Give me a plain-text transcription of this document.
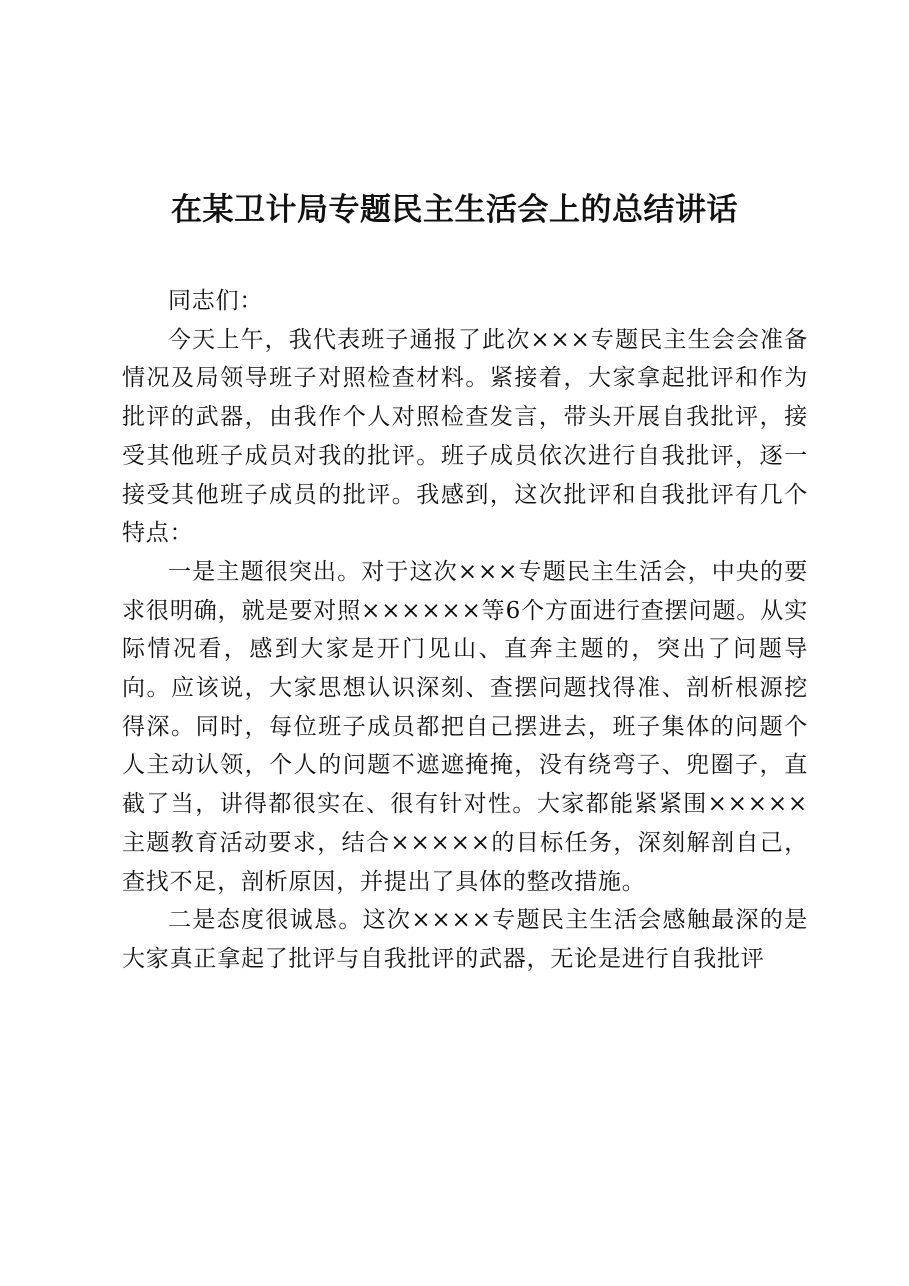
在某卫计局专题民主生活会上的总结讲话

同志们：

今天上午，我代表班子通报了此次×××专题民主生会会准备情况及局领导班子对照检查材料。紧接着，大家拿起批评和作为批评的武器，由我作个人对照检查发言，带头开展自我批评，接受其他班子成员对我的批评。班子成员依次进行自我批评，逐一接受其他班子成员的批评。我感到，这次批评和自我批评有几个特点：

一是主题很突出。对于这次×××专题民主生活会，中央的要求很明确，就是要对照××××××等6个方面进行查摆问题。从实际情况看，感到大家是开门见山、直奔主题的，突出了问题导向。应该说，大家思想认识深刻、查摆问题找得准、剖析根源挖得深。同时，每位班子成员都把自己摆进去，班子集体的问题个人主动认领，个人的问题不遮遮掩掩，没有绕弯子、兜圈子，直截了当，讲得都很实在、很有针对性。大家都能紧紧围×××××主题教育活动要求，结合×××××的目标任务，深刻解剖自己，查找不足，剖析原因，并提出了具体的整改措施。

二是态度很诚恳。这次××××专题民主生活会感触最深的是大家真正拿起了批评与自我批评的武器，无论是进行自我批评
